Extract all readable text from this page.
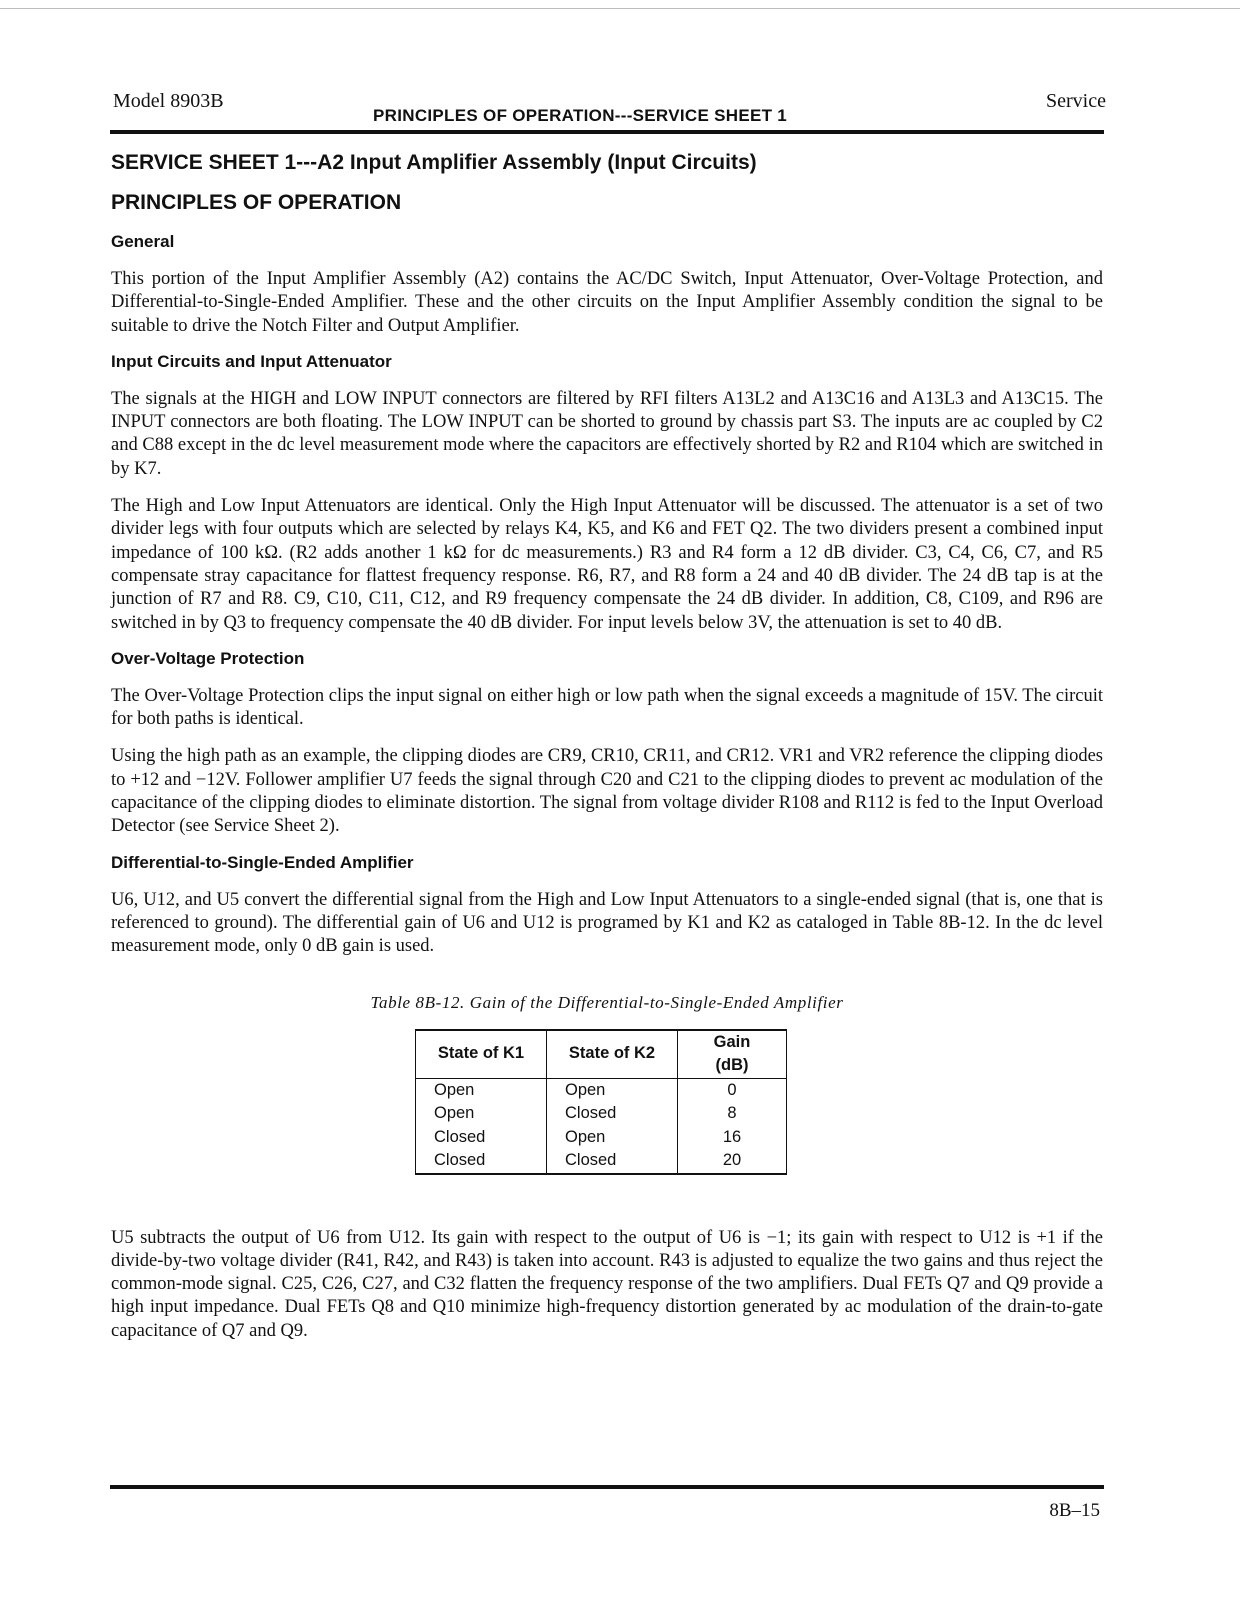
Model 8903B
PRINCIPLES OF OPERATION---SERVICE SHEET 1
Service
SERVICE SHEET 1---A2 Input Amplifier Assembly (Input Circuits)
PRINCIPLES OF OPERATION
General

This portion of the Input Amplifier Assembly (A2) contains the AC/DC Switch, Input Attenuator, Over-Voltage Protection, and Differential-to-Single-Ended Amplifier. These and the other circuits on the Input Amplifier Assembly condition the signal to be suitable to drive the Notch Filter and Output Amplifier.

Input Circuits and Input Attenuator

The signals at the HIGH and LOW INPUT connectors are filtered by RFI filters A13L2 and A13C16 and A13L3 and A13C15. The INPUT connectors are both floating. The LOW INPUT can be shorted to ground by chassis part S3. The inputs are ac coupled by C2 and C88 except in the dc level measurement mode where the capacitors are effectively shorted by R2 and R104 which are switched in by K7.

The High and Low Input Attenuators are identical. Only the High Input Attenuator will be discussed. The attenuator is a set of two divider legs with four outputs which are selected by relays K4, K5, and K6 and FET Q2. The two dividers present a combined input impedance of 100 kΩ. (R2 adds another 1 kΩ for dc measurements.) R3 and R4 form a 12 dB divider. C3, C4, C6, C7, and R5 compensate stray capacitance for flattest frequency response. R6, R7, and R8 form a 24 and 40 dB divider. The 24 dB tap is at the junction of R7 and R8. C9, C10, C11, C12, and R9 frequency compensate the 24 dB divider. In addition, C8, C109, and R96 are switched in by Q3 to frequency compensate the 40 dB divider. For input levels below 3V, the attenuation is set to 40 dB.

Over-Voltage Protection

The Over-Voltage Protection clips the input signal on either high or low path when the signal exceeds a magnitude of 15V. The circuit for both paths is identical.

Using the high path as an example, the clipping diodes are CR9, CR10, CR11, and CR12. VR1 and VR2 reference the clipping diodes to +12 and −12V. Follower amplifier U7 feeds the signal through C20 and C21 to the clipping diodes to prevent ac modulation of the capacitance of the clipping diodes to eliminate distortion. The signal from voltage divider R108 and R112 is fed to the Input Overload Detector (see Service Sheet 2).

Differential-to-Single-Ended Amplifier

U6, U12, and U5 convert the differential signal from the High and Low Input Attenuators to a single-ended signal (that is, one that is referenced to ground). The differential gain of U6 and U12 is programed by K1 and K2 as cataloged in Table 8B-12. In the dc level measurement mode, only 0 dB gain is used.

Table 8B-12. Gain of the Differential-to-Single-Ended Amplifier
State of K1	State of K2	Gain (dB)
Open	Open	0
Open	Closed	8
Closed	Open	16
Closed	Closed	20

U5 subtracts the output of U6 from U12. Its gain with respect to the output of U6 is −1; its gain with respect to U12 is +1 if the divide-by-two voltage divider (R41, R42, and R43) is taken into account. R43 is adjusted to equalize the two gains and thus reject the common-mode signal. C25, C26, C27, and C32 flatten the frequency response of the two amplifiers. Dual FETs Q7 and Q9 provide a high input impedance. Dual FETs Q8 and Q10 minimize high-frequency distortion generated by ac modulation of the drain-to-gate capacitance of Q7 and Q9.

8B–15
